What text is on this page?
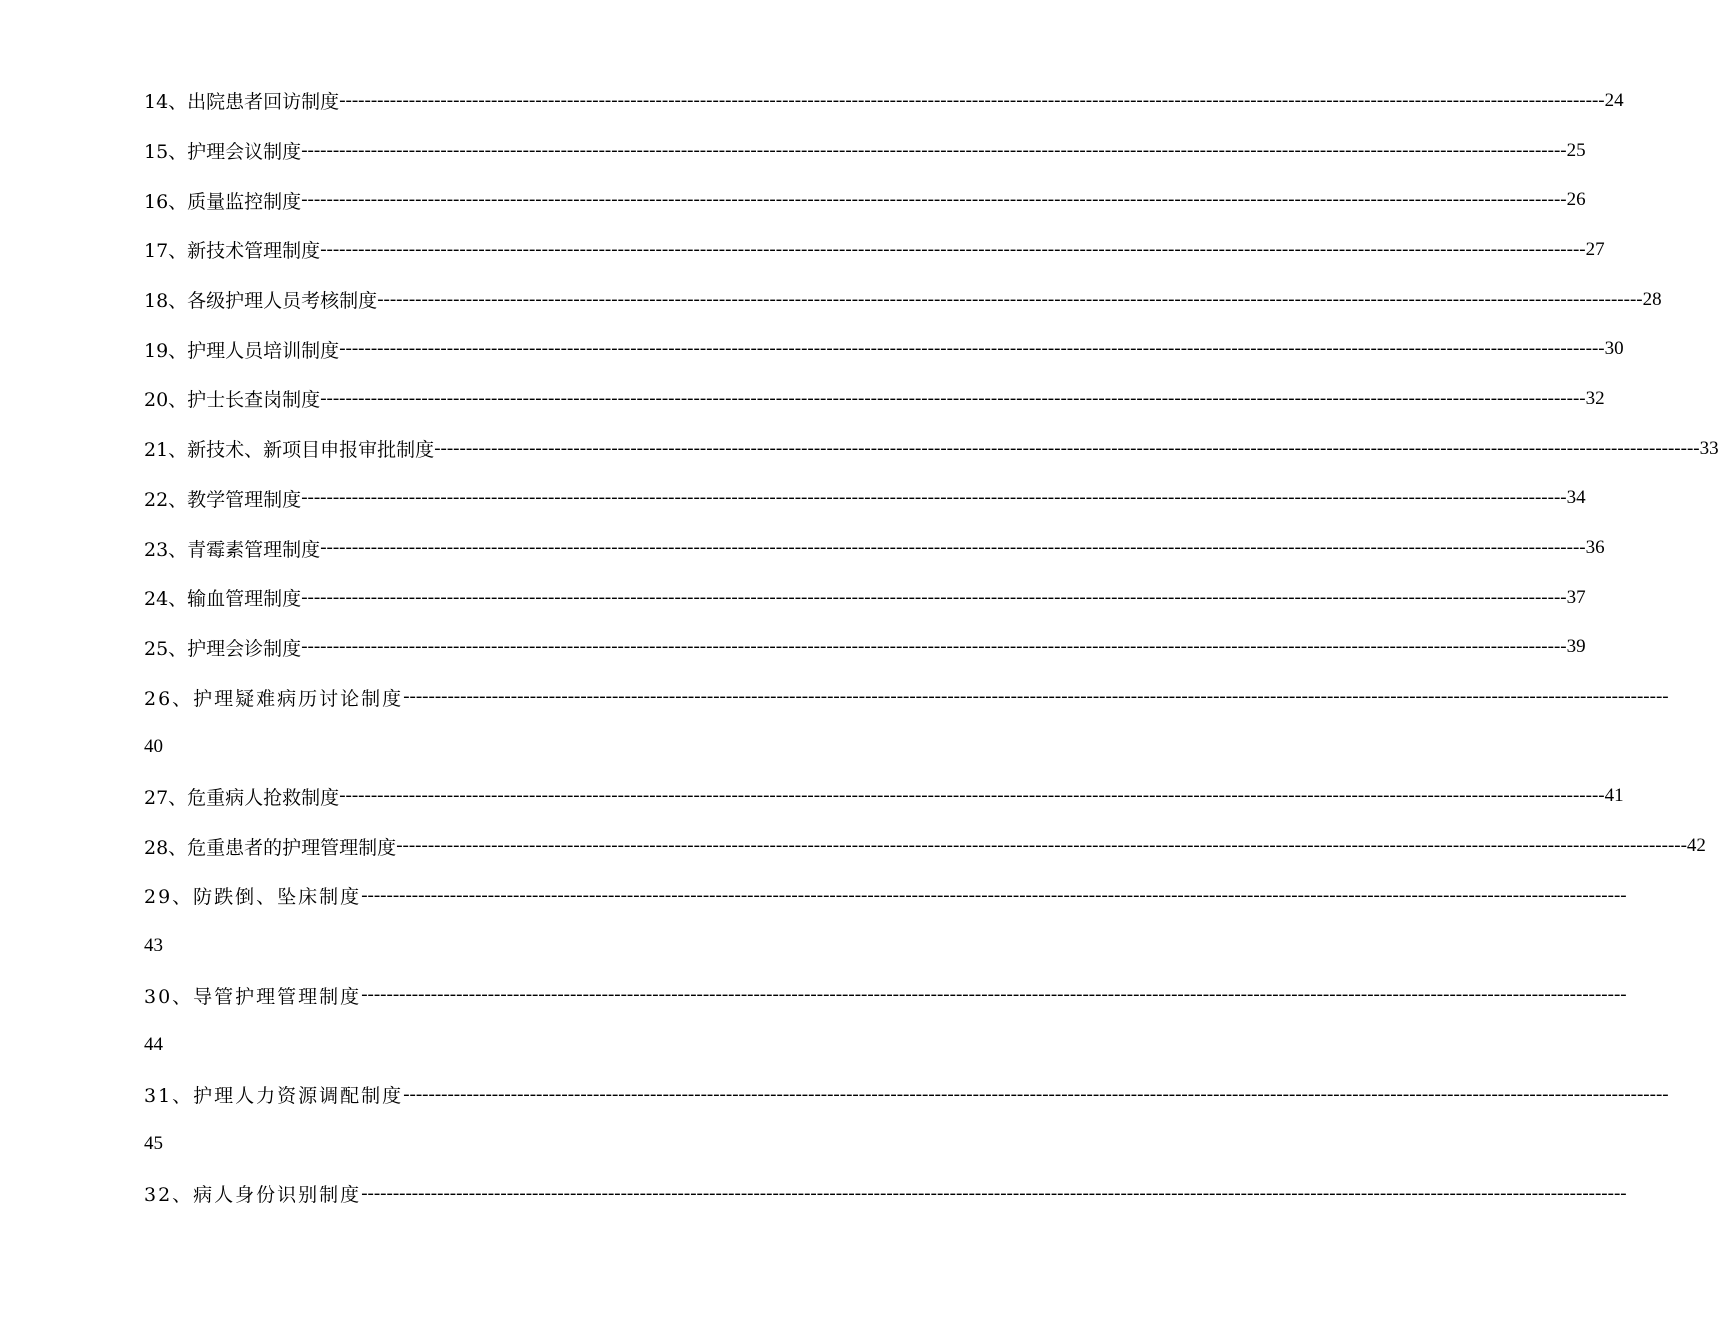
14、出院患者回访制度 -------------------------------------------------------------------------------------------------------------------------------------------------------------------------------------------------------- 24
15、护理会议制度 -------------------------------------------------------------------------------------------------------------------------------------------------------------------------------------------------------- 25
16、质量监控制度 -------------------------------------------------------------------------------------------------------------------------------------------------------------------------------------------------------- 26
17、新技术管理制度 -------------------------------------------------------------------------------------------------------------------------------------------------------------------------------------------------------- 27
18、各级护理人员考核制度 -------------------------------------------------------------------------------------------------------------------------------------------------------------------------------------------------------- 28
19、护理人员培训制度 -------------------------------------------------------------------------------------------------------------------------------------------------------------------------------------------------------- 30
20、护士长查岗制度 -------------------------------------------------------------------------------------------------------------------------------------------------------------------------------------------------------- 32
21、新技术、新项目申报审批制度 -------------------------------------------------------------------------------------------------------------------------------------------------------------------------------------------------------- 33
22、教学管理制度 -------------------------------------------------------------------------------------------------------------------------------------------------------------------------------------------------------- 34
23、青霉素管理制度 -------------------------------------------------------------------------------------------------------------------------------------------------------------------------------------------------------- 36
24、输血管理制度 -------------------------------------------------------------------------------------------------------------------------------------------------------------------------------------------------------- 37
25、护理会诊制度 -------------------------------------------------------------------------------------------------------------------------------------------------------------------------------------------------------- 39
26、护理疑难病历讨论制度 --------------------------------------------------------------------------------------------------------------------------------------------------------------------------------------------------------
40
27、危重病人抢救制度 -------------------------------------------------------------------------------------------------------------------------------------------------------------------------------------------------------- 41
28、危重患者的护理管理制度 -------------------------------------------------------------------------------------------------------------------------------------------------------------------------------------------------------- ----42
29、防跌倒、坠床制度 --------------------------------------------------------------------------------------------------------------------------------------------------------------------------------------------------------
43
30、导管护理管理制度 --------------------------------------------------------------------------------------------------------------------------------------------------------------------------------------------------------
44
31、护理人力资源调配制度 --------------------------------------------------------------------------------------------------------------------------------------------------------------------------------------------------------
45
32、病人身份识别制度 --------------------------------------------------------------------------------------------------------------------------------------------------------------------------------------------------------
